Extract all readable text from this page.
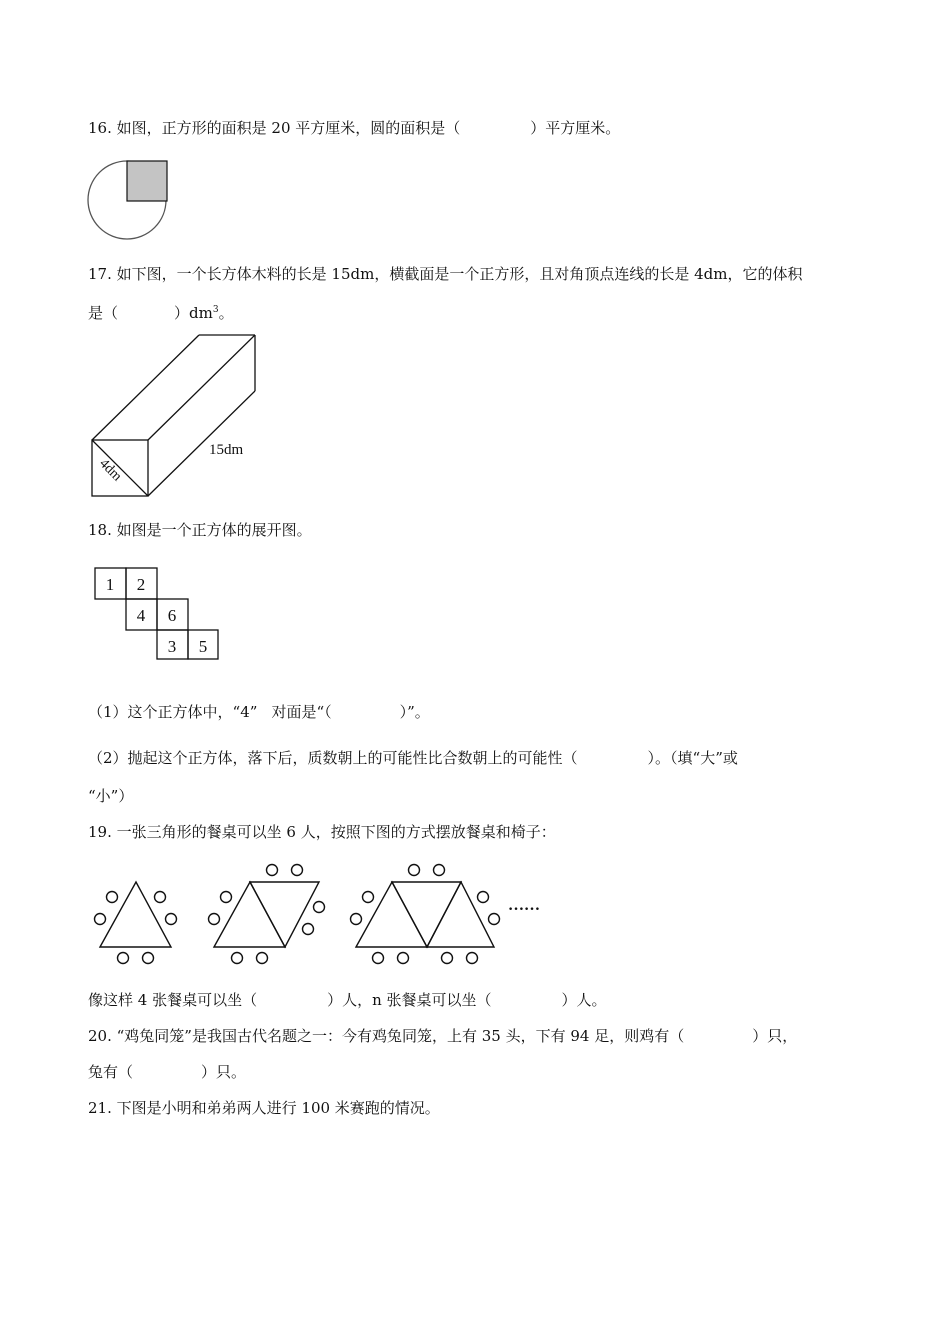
16. 如图，正方形的面积是 20 平方厘米，圆的面积是（	）平方厘米。
17. 如下图，一个长方体木料的长是 15dm，横截面是一个正方形，且对角顶点连线的长是 4dm，它的体积
是（	）$dm^3$。
15dm
4dm
18. 如图是一个正方体的展开图。
1 2
4 6
3 5
（1）这个正方体中，“4” 对面是“（	）”。
（2）抛起这个正方体，落下后，质数朝上的可能性比合数朝上的可能性（	）。（填“大”或
“小”）
19. 一张三角形的餐桌可以坐 6 人，按照下图的方式摆放餐桌和椅子：
……
像这样 4 张餐桌可以坐（	）人，n 张餐桌可以坐（	）人。
20. “鸡兔同笼”是我国古代名题之一：今有鸡兔同笼，上有 35 头，下有 94 足，则鸡有（	）只，
兔有（	）只。
21. 下图是小明和弟弟两人进行 100 米赛跑的情况。
